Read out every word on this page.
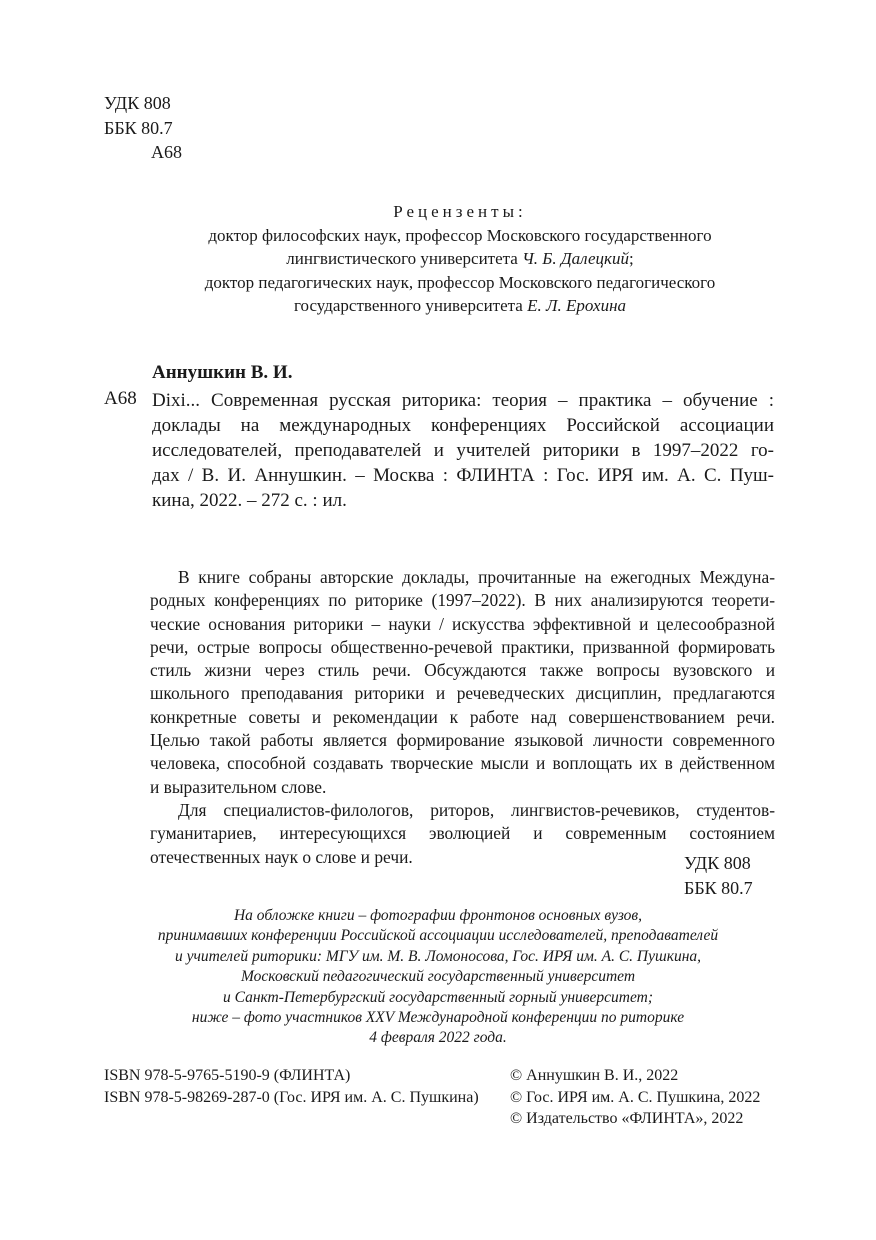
УДК 808
ББК 80.7
А68
Рецензенты:
доктор философских наук, профессор Московского государственного
лингвистического университета Ч. Б. Далецкий;
доктор педагогических наук, профессор Московского педагогического
государственного университета Е. Л. Ерохина
Аннушкин В. И.
А68 Dixi... Современная русская риторика: теория – практика – обучение :
доклады на международных конференциях Российской ассоциации
исследователей, преподавателей и учителей риторики в 1997–2022 го-
дах / В. И. Аннушкин. – Москва : ФЛИНТА : Гос. ИРЯ им. А. С. Пуш-
кина, 2022. – 272 с. : ил.
В книге собраны авторские доклады, прочитанные на ежегодных Междуна-
родных конференциях по риторике (1997–2022). В них анализируются теорети-
ческие основания риторики – науки / искусства эффективной и целесообразной
речи, острые вопросы общественно-речевой практики, призванной формировать
стиль жизни через стиль речи. Обсуждаются также вопросы вузовского и
школьного преподавания риторики и речеведческих дисциплин, предлагаются
конкретные советы и рекомендации к работе над совершенствованием речи.
Целью такой работы является формирование языковой личности современного
человека, способной создавать творческие мысли и воплощать их в действенном
и выразительном слове.
Для специалистов-филологов, риторов, лингвистов-речевиков, студентов-
гуманитариев, интересующихся эволюцией и современным состоянием
отечественных наук о слове и речи.	УДК 808
ББК 80.7
На обложке книги – фотографии фронтонов основных вузов,
принимавших конференции Российской ассоциации исследователей, преподавателей
и учителей риторики: МГУ им. М. В. Ломоносова, Гос. ИРЯ им. А. С. Пушкина,
Московский педагогический государственный университет
и Санкт-Петербургский государственный горный университет;
ниже – фото участников XXV Международной конференции по риторике
4 февраля 2022 года.
ISBN 978-5-9765-5190-9 (ФЛИНТА)
ISBN 978-5-98269-287-0 (Гос. ИРЯ им. А. С. Пушкина)
© Аннушкин В. И., 2022
© Гос. ИРЯ им. А. С. Пушкина, 2022
© Издательство «ФЛИНТА», 2022
